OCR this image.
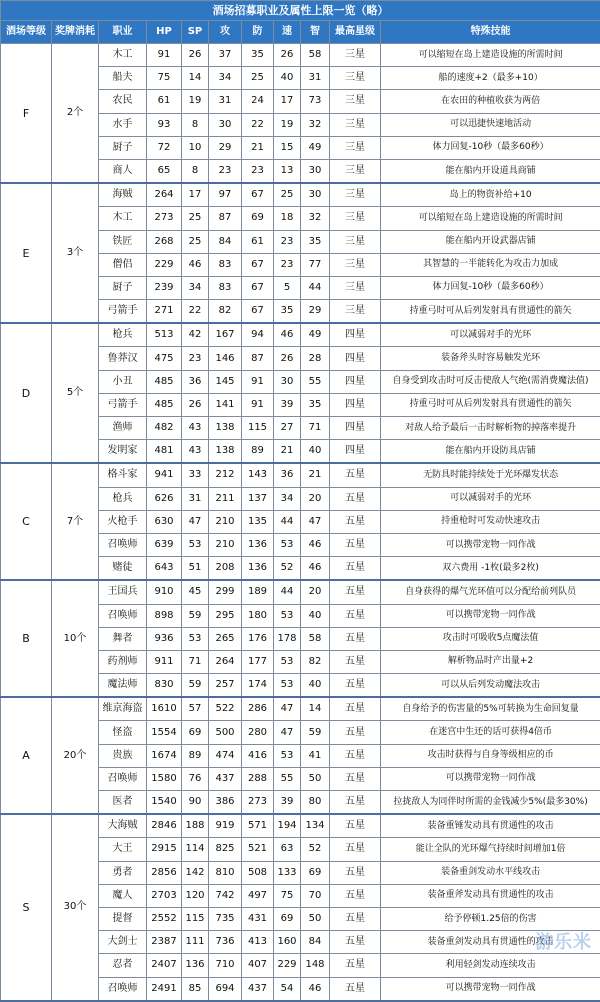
酒场招募职业及属性上限一览（略）										
酒场等级	奖牌消耗	职业	HP	SP	攻	防	速	智	最高星级	特殊技能
F	2个	木工	91	26	37	35	26	58	三星	可以缩短在岛上建造设施的所需时间
		船夫	75	14	34	25	40	31	三星	船的速度+2（最多+10）
		农民	61	19	31	24	17	73	三星	在农田的种植收获为两倍
		水手	93	8	30	22	19	32	三星	可以迅捷快速地活动
		厨子	72	10	29	21	15	49	三星	体力回复-10秒（最多60秒）
		商人	65	8	23	23	13	30	三星	能在船内开设道具商铺
E	3个	海贼	264	17	97	67	25	30	三星	岛上的物资补给+10
		木工	273	25	87	69	18	32	三星	可以缩短在岛上建造设施的所需时间
		铁匠	268	25	84	61	23	35	三星	能在船内开设武器店铺
		僧侣	229	46	83	67	23	77	三星	其智慧的一半能转化为攻击力加成
		厨子	239	34	83	67	5	44	三星	体力回复-10秒（最多60秒）
		弓箭手	271	22	82	67	35	29	三星	持重弓时可从后列发射具有贯通性的箭矢
D	5个	枪兵	513	42	167	94	46	49	四星	可以减弱对手的光环
		鲁莽汉	475	23	146	87	26	28	四星	装备斧头时容易触发光环
		小丑	485	36	145	91	30	55	四星	自身受到攻击时可反击使敌人气绝(需消费魔法值)
		弓箭手	485	26	141	91	39	35	四星	持重弓时可从后列发射具有贯通性的箭矢
		渔师	482	43	138	115	27	71	四星	对敌人给予最后一击时解析物的掉落率提升
		发明家	481	43	138	89	21	40	四星	能在船内开设防具店铺
C	7个	格斗家	941	33	212	143	36	21	五星	无防具时能持续处于光环爆发状态
		枪兵	626	31	211	137	34	20	五星	可以减弱对手的光环
		火枪手	630	47	210	135	44	47	五星	持重枪时可发动快速攻击
		召唤师	639	53	210	136	53	46	五星	可以携带宠物一同作战
		赌徒	643	51	208	136	52	46	五星	双六费用 -1枚(最多2枚)
B	10个	王国兵	910	45	299	189	44	20	五星	自身获得的爆气光环值可以分配给前列队员
		召唤师	898	59	295	180	53	40	五星	可以携带宠物一同作战
		舞者	936	53	265	176	178	58	五星	攻击时可吸收5点魔法值
		药剂师	911	71	264	177	53	82	五星	解析物品时产出量+2
		魔法师	830	59	257	174	53	40	五星	可以从后列发动魔法攻击
A	20个	维京海盗	1610	57	522	286	47	14	五星	自身给予的伤害量的5%可转换为生命回复量
		怪盗	1554	69	500	280	47	59	五星	在迷宫中生还的话可获得4倍币
		贵族	1674	89	474	416	53	41	五星	攻击时获得与自身等级相应的币
		召唤师	1580	76	437	288	55	50	五星	可以携带宠物一同作战
		医者	1540	90	386	273	39	80	五星	拉拢敌人为同伴时所需的金钱减少5%(最多30%)
S	30个	大海贼	2846	188	919	571	194	134	五星	装备重锤发动具有贯通性的攻击
		大王	2915	114	825	521	63	52	五星	能让全队的光环爆气持续时间增加1倍
		勇者	2856	142	810	508	133	69	五星	装备重剑发动水平线攻击
		魔人	2703	120	742	497	75	70	五星	装备重斧发动具有贯通性的攻击
		提督	2552	115	735	431	69	50	五星	给予停顿1.25倍的伤害
		大剑士	2387	111	736	413	160	84	五星	装备重剑发动具有贯通性的攻击
		忍者	2407	136	710	407	229	148	五星	利用轻剑发动连续攻击
		召唤师	2491	85	694	437	54	46	五星	可以携带宠物一同作战
游乐米
